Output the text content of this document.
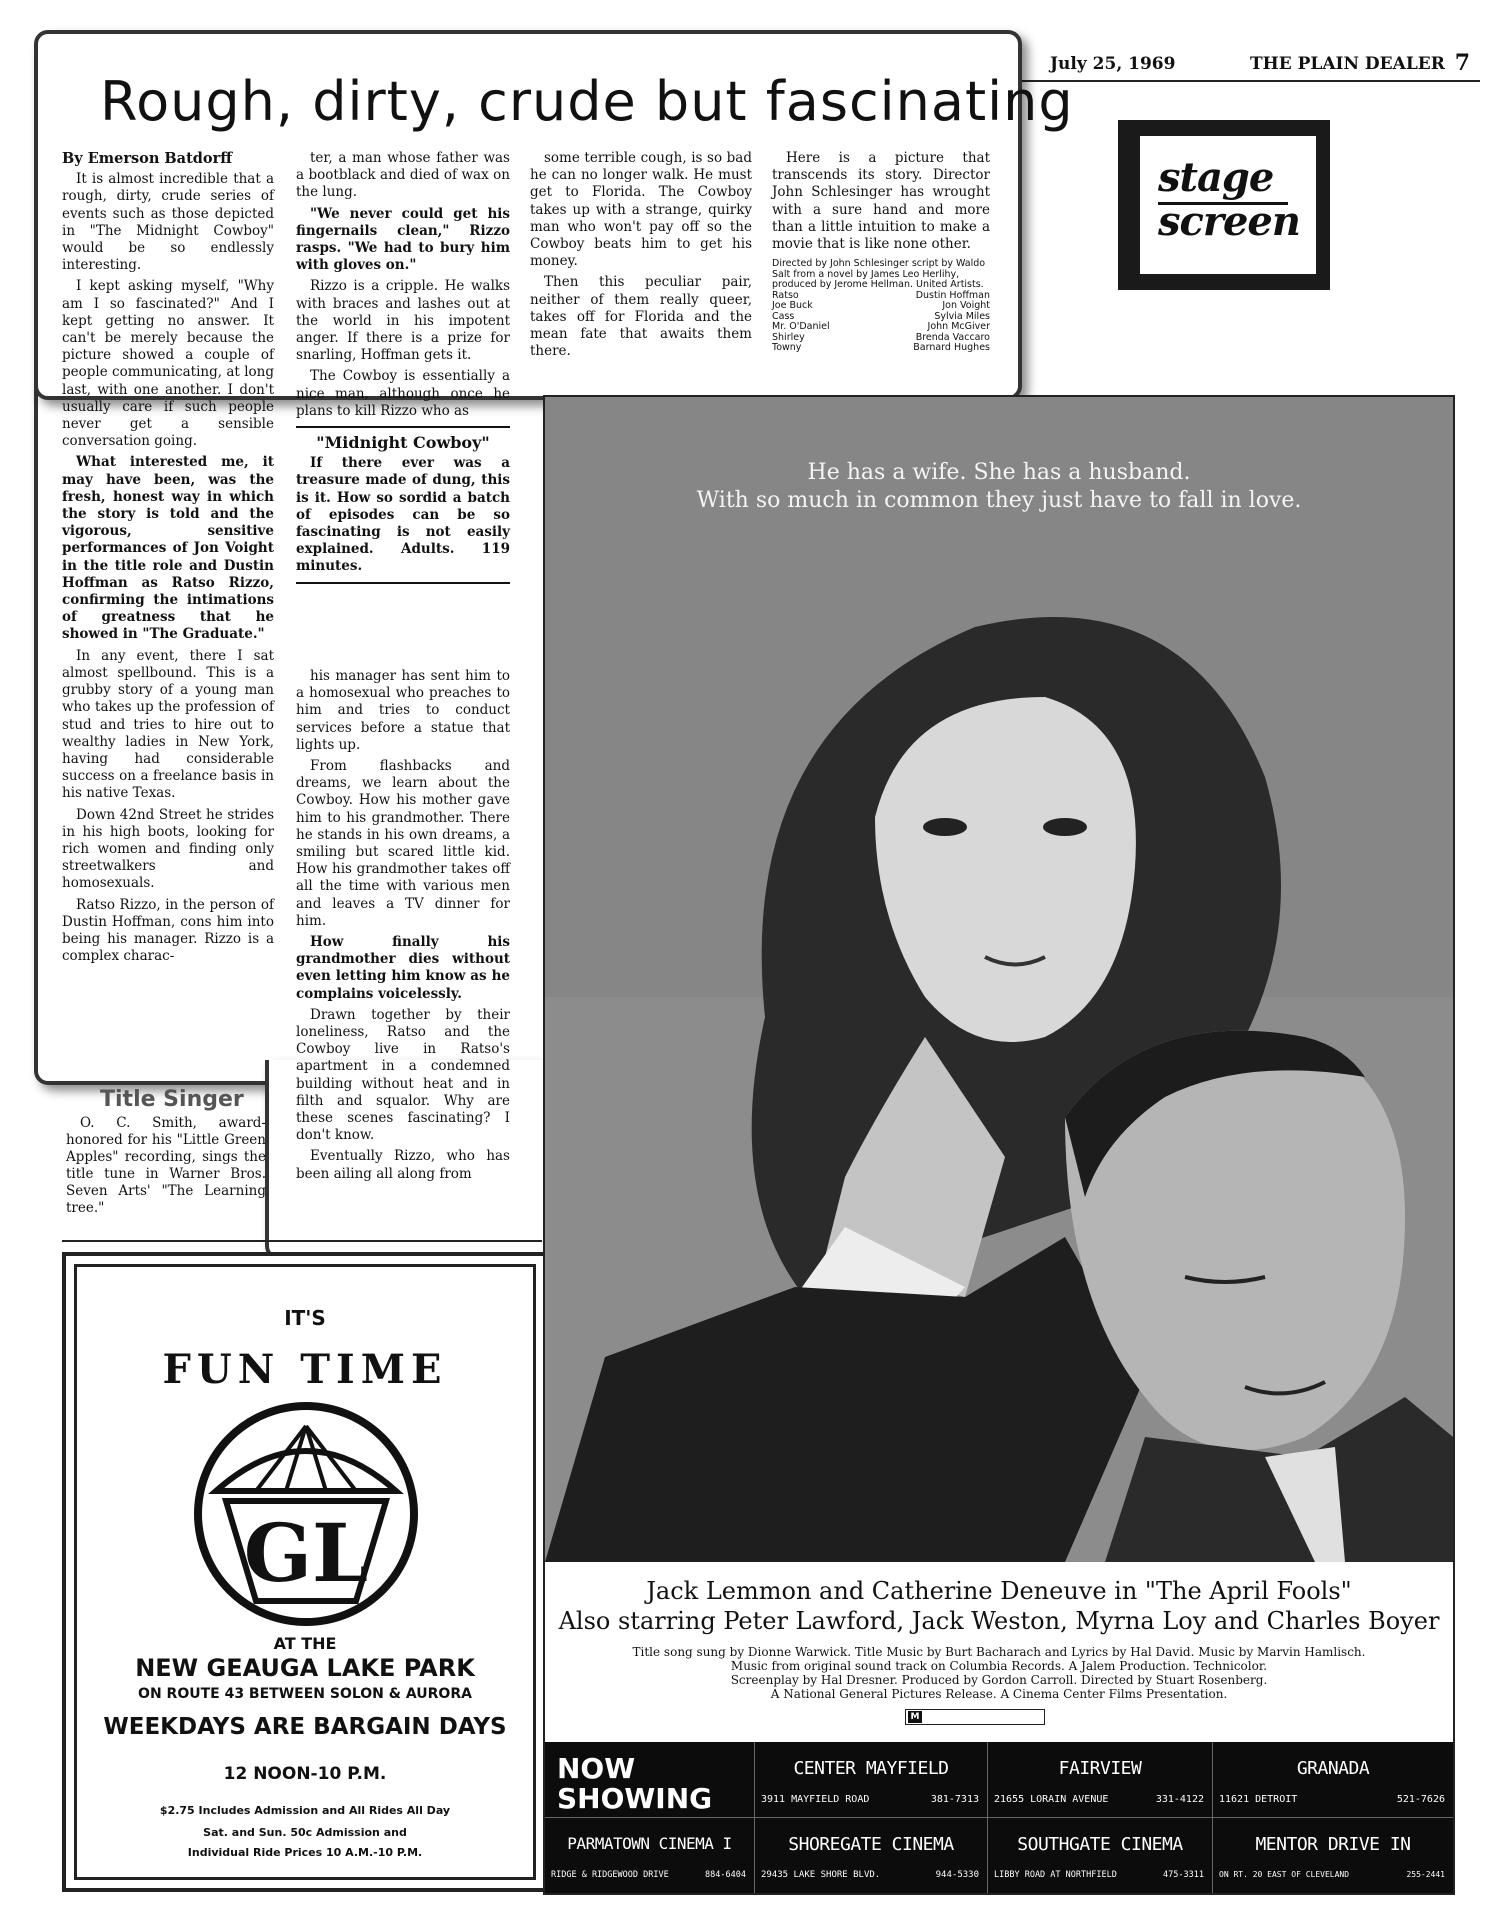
July 25, 1969	THE PLAIN DEALER 7
stage
screen
Rough, dirty, crude but fascinating

By Emerson Batdorff

It is almost incredible that a rough, dirty, crude series of events such as those depicted in "The Midnight Cowboy" would be so endlessly interesting.

I kept asking myself, "Why am I so fascinated?" And I kept getting no answer. It can't be merely because the picture showed a couple of people communicating, at long last, with one another. I don't usually care if such people never get a sensible conversation going.

What interested me, it may have been, was the fresh, honest way in which the story is told and the vigorous, sensitive performances of Jon Voight in the title role and Dustin Hoffman as Ratso Rizzo, confirming the intimations of greatness that he showed in "The Graduate."

In any event, there I sat almost spellbound. This is a grubby story of a young man who takes up the profession of stud and tries to hire out to wealthy ladies in New York, having had considerable success on a freelance basis in his native Texas.

Down 42nd Street he strides in his high boots, looking for rich women and finding only streetwalkers and homosexuals.

Ratso Rizzo, in the person of Dustin Hoffman, cons him into being his manager. Rizzo is a complex charac-

ter, a man whose father was a bootblack and died of wax on the lung.

"We never could get his fingernails clean," Rizzo rasps. "We had to bury him with gloves on."

Rizzo is a cripple. He walks with braces and lashes out at the world in his impotent anger. If there is a prize for snarling, Hoffman gets it.

The Cowboy is essentially a nice man, although once he plans to kill Rizzo who as

"Midnight Cowboy"

If there ever was a treasure made of dung, this is it. How so sordid a batch of episodes can be so fascinating is not easily explained. Adults. 119 minutes.

his manager has sent him to a homosexual who preaches to him and tries to conduct services before a statue that lights up.

From flashbacks and dreams, we learn about the Cowboy. How his mother gave him to his grandmother. There he stands in his own dreams, a smiling but scared little kid. How his grandmother takes off all the time with various men and leaves a TV dinner for him.

How finally his grandmother dies without even letting him know as he complains voicelessly.

Drawn together by their loneliness, Ratso and the Cowboy live in Ratso's apartment in a condemned building without heat and in filth and squalor. Why are these scenes fascinating? I don't know.

Eventually Rizzo, who has been ailing all along from

some terrible cough, is so bad he can no longer walk. He must get to Florida. The Cowboy takes up with a strange, quirky man who won't pay off so the Cowboy beats him to get his money.

Then this peculiar pair, neither of them really queer, takes off for Florida and the mean fate that awaits them there.

Here is a picture that transcends its story. Director John Schlesinger has wrought with a sure hand and more than a little intuition to make a movie that is like none other.

Directed by John Schlesinger script by Waldo Salt from a novel by James Leo Herlihy, produced by Jerome Hellman. United Artists.
Ratso	Dustin Hoffman
Joe Buck	Jon Voight
Cass	Sylvia Miles
Mr. O'Daniel	John McGiver
Shirley	Brenda Vaccaro
Towny	Barnard Hughes
Title Singer
O. C. Smith, award-honored for his "Little Green Apples" recording, sings the title tune in Warner Bros. Seven Arts' "The Learning tree."
IT'S
FUN TIME
GL
AT THE
NEW GEAUGA LAKE PARK
ON ROUTE 43 BETWEEN SOLON & AURORA
WEEKDAYS ARE BARGAIN DAYS
12 NOON-10 P.M.
$2.75 Includes Admission and All Rides All Day
Sat. and Sun. 50c Admission and
Individual Ride Prices 10 A.M.-10 P.M.
He has a wife. She has a husband.
With so much in common they just have to fall in love.
Jack Lemmon and Catherine Deneuve in "The April Fools"
Also starring Peter Lawford, Jack Weston, Myrna Loy and Charles Boyer
Title song sung by Dionne Warwick. Title Music by Burt Bacharach and Lyrics by Hal David. Music by Marvin Hamlisch.
Music from original sound track on Columbia Records. A Jalem Production. Technicolor.
Screenplay by Hal Dresner. Produced by Gordon Carroll. Directed by Stuart Rosenberg.
A National General Pictures Release. A Cinema Center Films Presentation.
M
NOW SHOWING
CENTER MAYFIELD
3911 MAYFIELD ROAD	381-7313
FAIRVIEW
21655 LORAIN AVENUE	331-4122
GRANADA
11621 DETROIT	521-7626
PARMATOWN CINEMA I
RIDGE & RIDGEWOOD DRIVE	884-6404
SHOREGATE CINEMA
29435 LAKE SHORE BLVD.	944-5330
SOUTHGATE CINEMA
LIBBY ROAD AT NORTHFIELD	475-3311
MENTOR DRIVE IN
ON RT. 20 EAST OF CLEVELAND	255-2441
